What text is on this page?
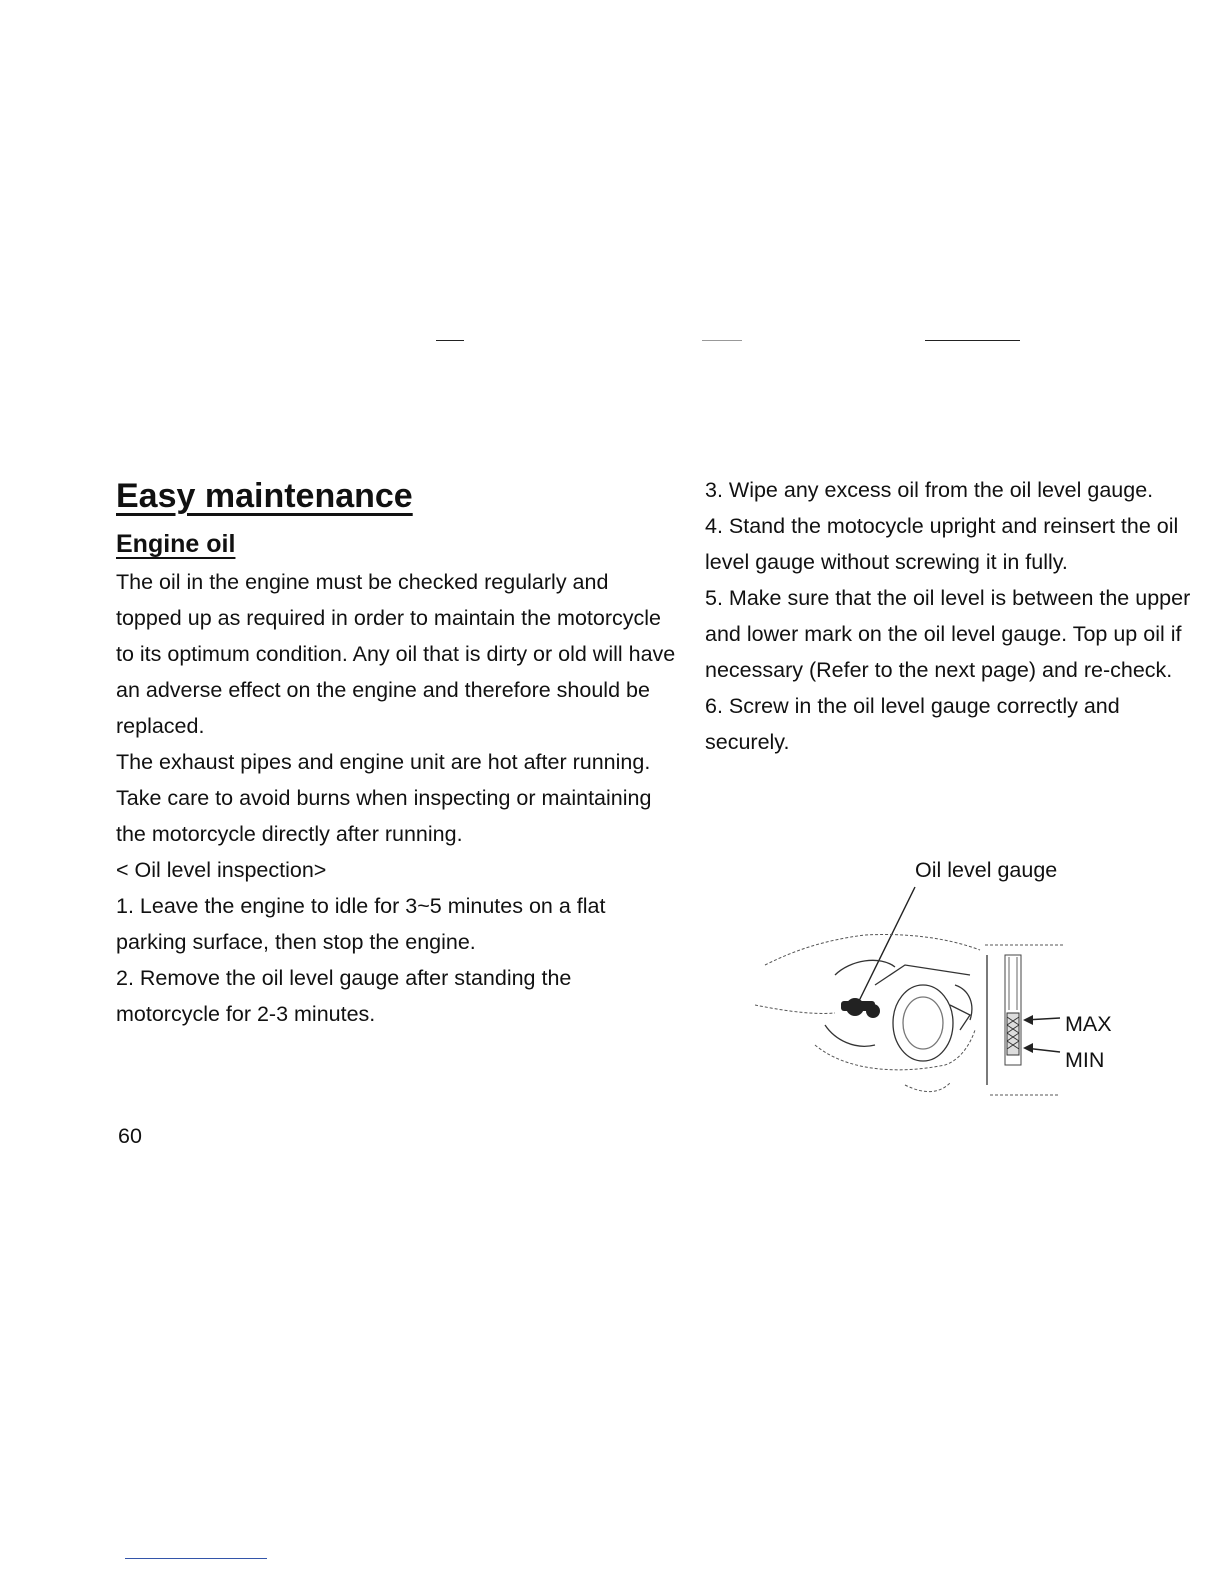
Easy maintenance
Engine oil

The oil in the engine must be checked regularly and topped up as required in order to maintain the motorcycle to its optimum condition. Any oil that is dirty or old will have an adverse effect on the engine and therefore should be replaced.

The exhaust pipes and engine unit are hot after running. Take care to avoid burns when inspecting or maintaining the motorcycle directly after running.

< Oil level inspection>

1. Leave the engine to idle for 3~5 minutes on a flat parking surface, then stop the engine.

2. Remove the oil level gauge after standing the motorcycle for 2-3 minutes.

3. Wipe any excess oil from the oil level gauge.

4. Stand the motocycle upright and reinsert the oil level gauge without screwing it in fully.

5. Make sure that the oil level is between the upper and lower mark on the oil level gauge. Top up oil if necessary (Refer to the next page) and re-check.

6. Screw in the oil level gauge correctly and securely.

Oil level gauge
MAX
MIN
60
